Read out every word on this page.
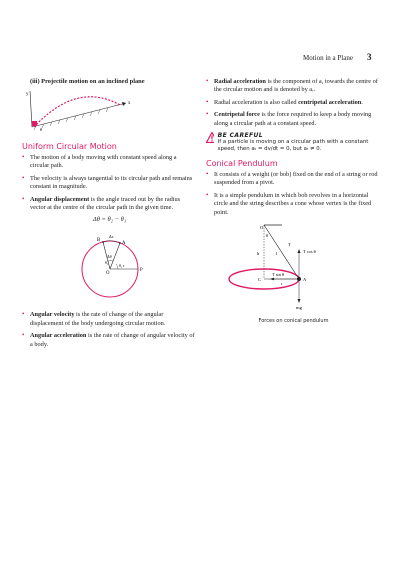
Motion in a Plane 3
(iii) Projectile motion on an inclined plane
y
x
θ
Uniform Circular Motion
• The motion of a body moving with constant speed along a circular path.
• The velocity is always tangential to its circular path and remains constant in magnitude.
• Angular displacement is the angle traced out by the radius vector at the centre of the circular path in the given time.
Δθ = θ₂ − θ₁
B
A
O
P
r
Δs
Δθ
θ₂
θ₁
• Angular velocity is the rate of change of the angular displacement of the body undergoing circular motion.
• Angular acceleration is the rate of change of angular velocity of a body.
• Radial acceleration is the component of a, towards the centre of the circular motion and is denoted by aᵣ.
• Radial acceleration is also called centripetal acceleration.
• Centripetal force is the force required to keep a body moving along a circular path at a constant speed.
BE CAREFUL
If a particle is moving on a circular path with a constant speed, then aₜ = dv/dt = 0, but aᵣ ≠ 0.
Conical Pendulum
• It consists of a weight (or bob) fixed on the end of a string or rod suspended from a pivot.
• It is a simple pendulum in which bob revolves in a horizontal circle and the string describes a cone whose vertex is the fixed point.
O
θ
h	l
T
T cos θ
T sin θ
C	A
r
mg
Forces on conical pendulum
